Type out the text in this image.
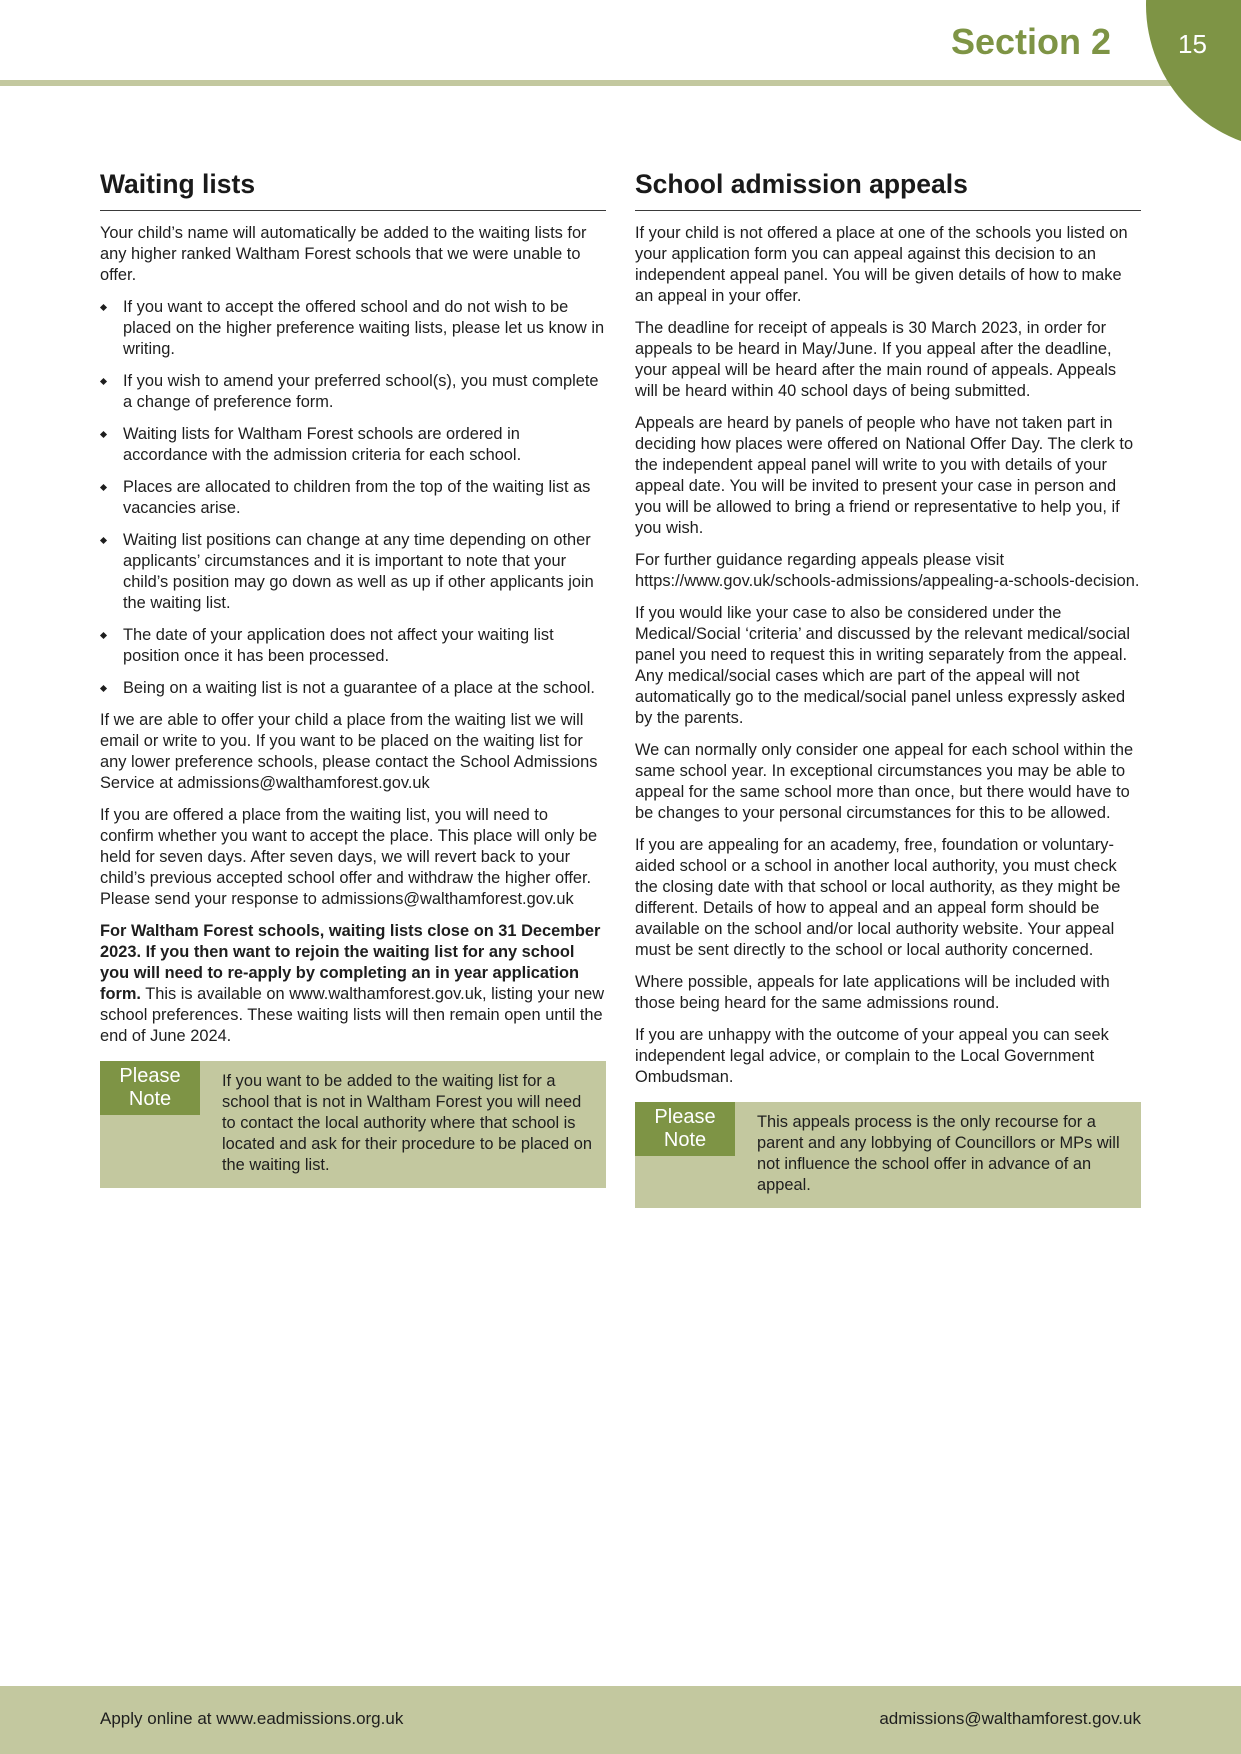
Section 2	15
Waiting lists

Your child’s name will automatically be added to the waiting lists for any higher ranked Waltham Forest schools that we were unable to offer.

If you want to accept the offered school and do not wish to be placed on the higher preference waiting lists, please let us know in writing.
If you wish to amend your preferred school(s), you must complete a change of preference form.
Waiting lists for Waltham Forest schools are ordered in accordance with the admission criteria for each school.
Places are allocated to children from the top of the waiting list as vacancies arise.
Waiting list positions can change at any time depending on other applicants’ circumstances and it is important to note that your child’s position may go down as well as up if other applicants join the waiting list.
The date of your application does not affect your waiting list position once it has been processed.
Being on a waiting list is not a guarantee of a place at the school.

If we are able to offer your child a place from the waiting list we will email or write to you. If you want to be placed on the waiting list for any lower preference schools, please contact the School Admissions Service at admissions@walthamforest.gov.uk

If you are offered a place from the waiting list, you will need to confirm whether you want to accept the place. This place will only be held for seven days. After seven days, we will revert back to your child’s previous accepted school offer and withdraw the higher offer. Please send your response to admissions@walthamforest.gov.uk

For Waltham Forest schools, waiting lists close on 31 December 2023. If you then want to rejoin the waiting list for any school you will need to re-apply by completing an in year application form. This is available on www.walthamforest.gov.uk, listing your new school preferences. These waiting lists will then remain open until the end of June 2024.

Please
Note

If you want to be added to the waiting list for a school that is not in Waltham Forest you will need to contact the local authority where that school is located and ask for their procedure to be placed on the waiting list.

School admission appeals

If your child is not offered a place at one of the schools you listed on your application form you can appeal against this decision to an independent appeal panel. You will be given details of how to make an appeal in your offer.

The deadline for receipt of appeals is 30 March 2023, in order for appeals to be heard in May/June. If you appeal after the deadline, your appeal will be heard after the main round of appeals. Appeals will be heard within 40 school days of being submitted.

Appeals are heard by panels of people who have not taken part in deciding how places were offered on National Offer Day. The clerk to the independent appeal panel will write to you with details of your appeal date. You will be invited to present your case in person and you will be allowed to bring a friend or representative to help you, if you wish.

For further guidance regarding appeals please visit https://www.gov.uk/schools-admissions/appealing-a-schools-decision.

If you would like your case to also be considered under the Medical/Social ‘criteria’ and discussed by the relevant medical/social panel you need to request this in writing separately from the appeal. Any medical/social cases which are part of the appeal will not automatically go to the medical/social panel unless expressly asked by the parents.

We can normally only consider one appeal for each school within the same school year. In exceptional circumstances you may be able to appeal for the same school more than once, but there would have to be changes to your personal circumstances for this to be allowed.

If you are appealing for an academy, free, foundation or voluntary-aided school or a school in another local authority, you must check the closing date with that school or local authority, as they might be different. Details of how to appeal and an appeal form should be available on the school and/or local authority website. Your appeal must be sent directly to the school or local authority concerned.

Where possible, appeals for late applications will be included with those being heard for the same admissions round.

If you are unhappy with the outcome of your appeal you can seek independent legal advice, or complain to the Local Government Ombudsman.

Please
Note

This appeals process is the only recourse for a parent and any lobbying of Councillors or MPs will not influence the school offer in advance of an appeal.

Apply online at www.eadmissions.org.uk	admissions@walthamforest.gov.uk
